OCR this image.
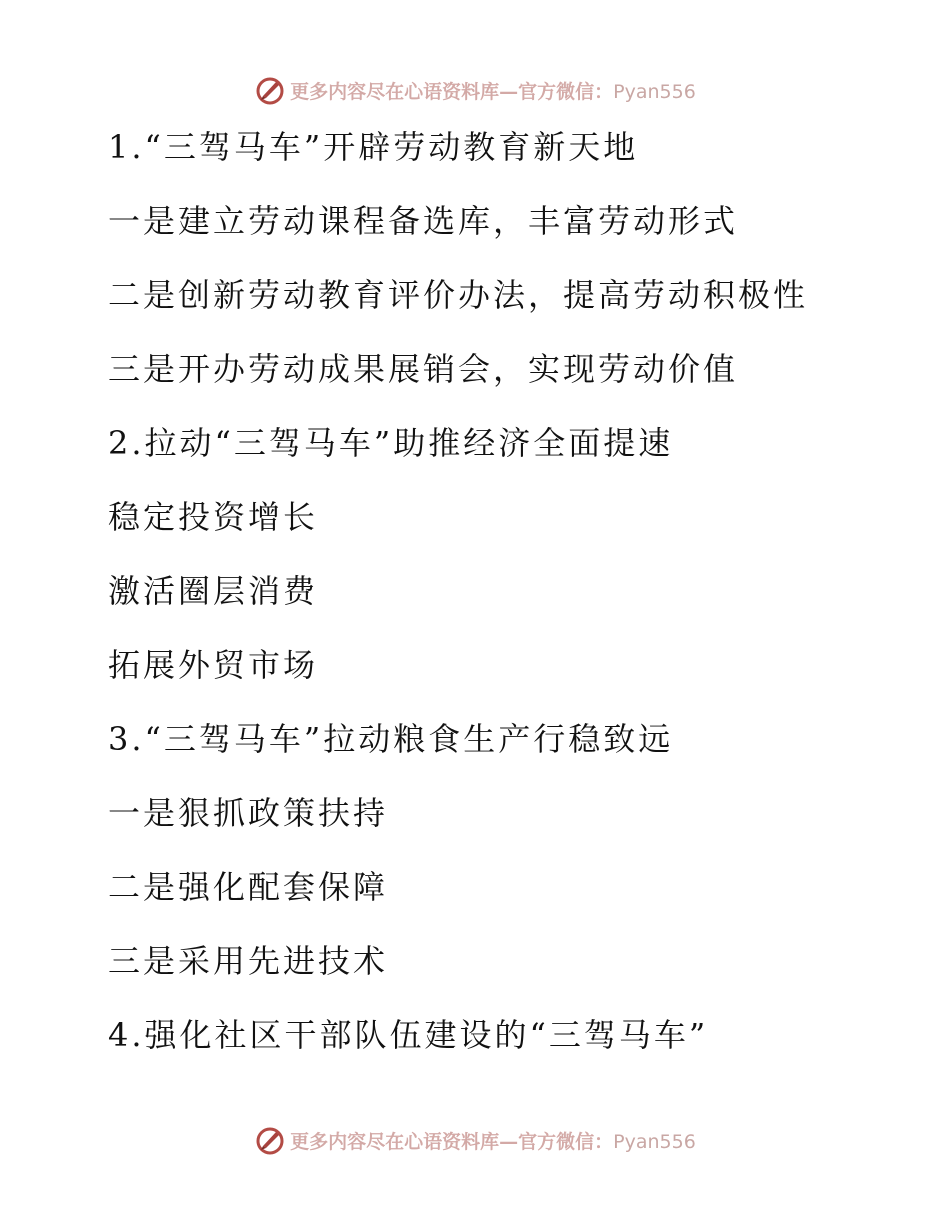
更多内容尽在心语资料库—官方微信：Pyan556
1.“三驾马车”开辟劳动教育新天地
一是建立劳动课程备选库，丰富劳动形式
二是创新劳动教育评价办法，提高劳动积极性
三是开办劳动成果展销会，实现劳动价值
2.拉动“三驾马车”助推经济全面提速
稳定投资增长
激活圈层消费
拓展外贸市场
3.“三驾马车”拉动粮食生产行稳致远
一是狠抓政策扶持
二是强化配套保障
三是采用先进技术
4.强化社区干部队伍建设的“三驾马车”
更多内容尽在心语资料库—官方微信：Pyan556
